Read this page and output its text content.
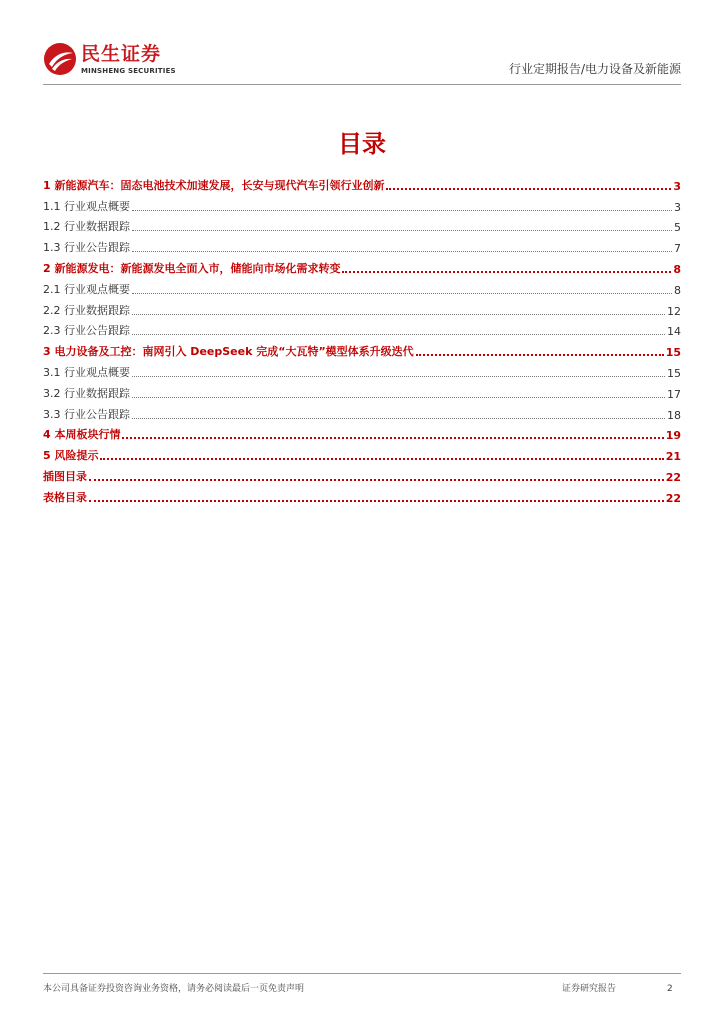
民生证券
MINSHENG SECURITIES	行业定期报告/电力设备及新能源
目录
1 新能源汽车：固态电池技术加速发展，长安与现代汽车引领行业创新	3
1.1 行业观点概要	3
1.2 行业数据跟踪	5
1.3 行业公告跟踪	7
2 新能源发电：新能源发电全面入市，储能向市场化需求转变	8
2.1 行业观点概要	8
2.2 行业数据跟踪	12
2.3 行业公告跟踪	14
3 电力设备及工控：南网引入 DeepSeek 完成“大瓦特”模型体系升级迭代	15
3.1 行业观点概要	15
3.2 行业数据跟踪	17
3.3 行业公告跟踪	18
4 本周板块行情	19
5 风险提示	21
插图目录	22
表格目录	22
本公司具备证券投资咨询业务资格，请务必阅读最后一页免责声明	证券研究报告	2
